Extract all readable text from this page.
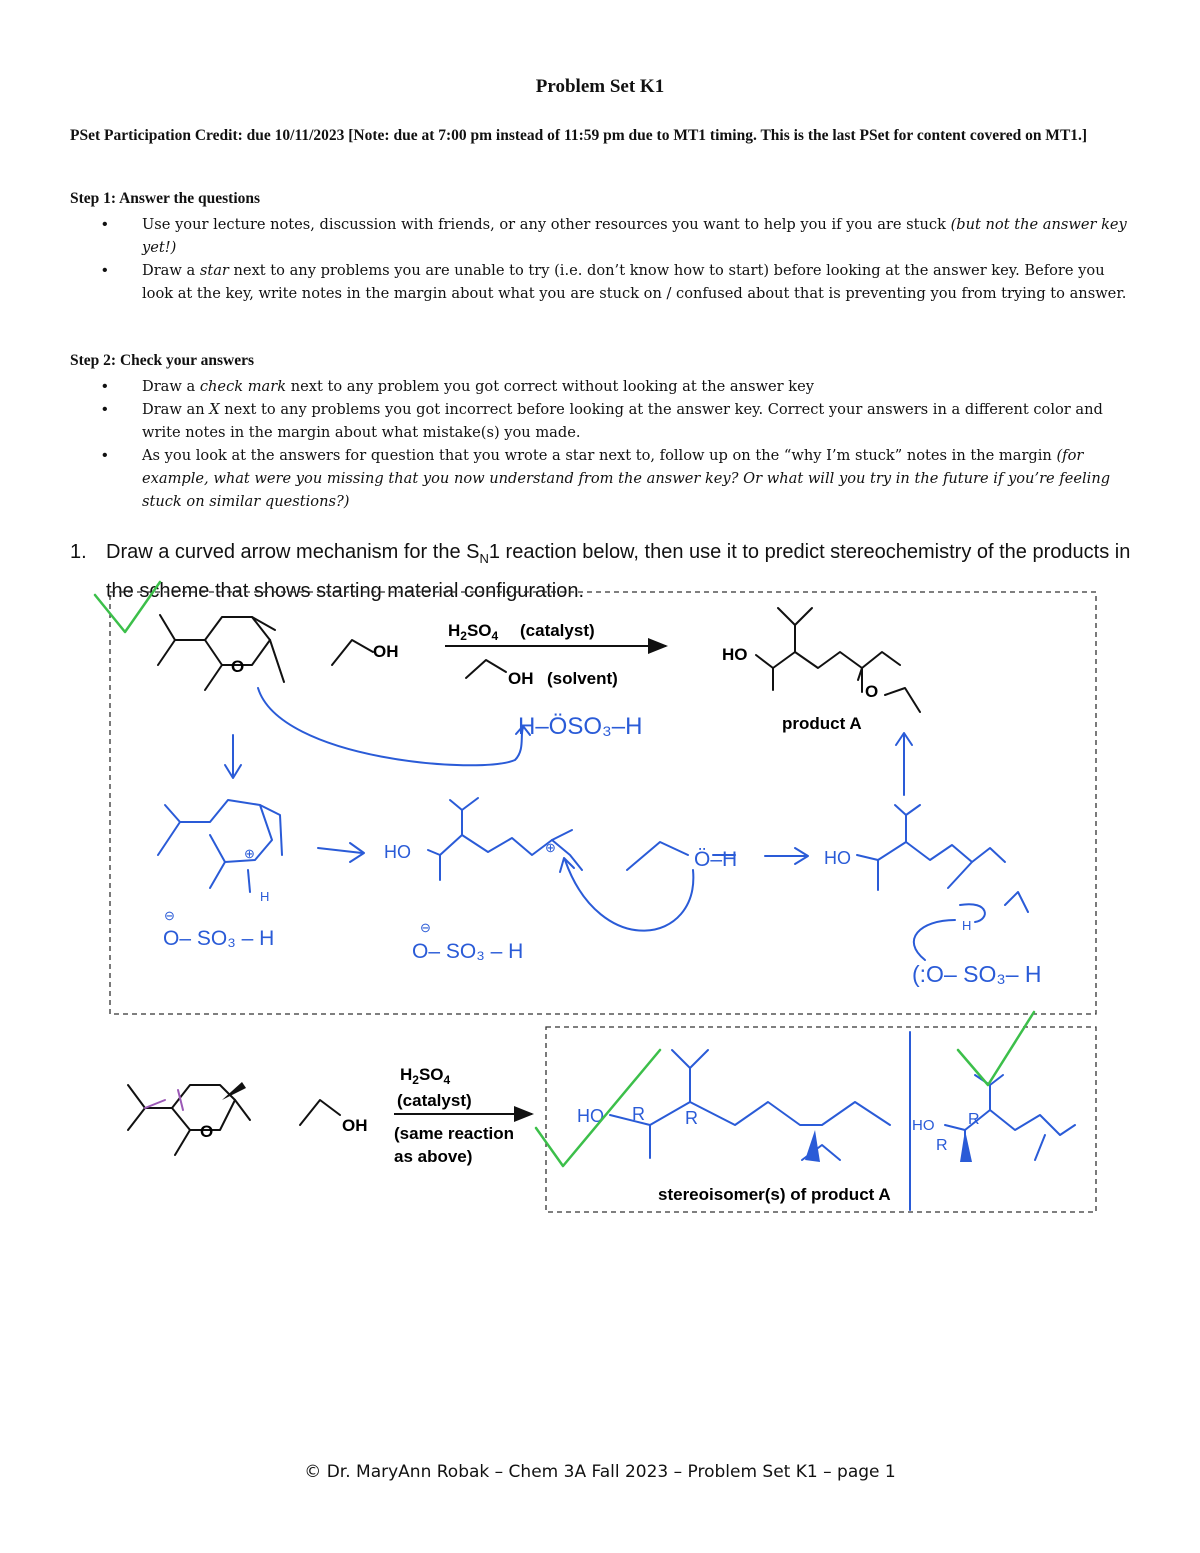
Problem Set K1
PSet Participation Credit: due 10/11/2023 [Note: due at 7:00 pm instead of 11:59 pm due to MT1 timing. This is the last PSet for content covered on MT1.]
Step 1: Answer the questions
• Use your lecture notes, discussion with friends, or any other resources you want to help you if you are stuck (but not the answer key yet!)
• Draw a star next to any problems you are unable to try (i.e. don’t know how to start) before looking at the answer key. Before you look at the key, write notes in the margin about what you are stuck on / confused about that is preventing you from trying to answer.
Step 2: Check your answers
• Draw a check mark next to any problem you got correct without looking at the answer key
• Draw an X next to any problems you got incorrect before looking at the answer key. Correct your answers in a different color and write notes in the margin about what mistake(s) you made.
• As you look at the answers for question that you wrote a star next to, follow up on the “why I’m stuck” notes in the margin (for example, what were you missing that you now understand from the answer key? Or what will you try in the future if you’re feeling stuck on similar questions?)
1. Draw a curved arrow mechanism for the $S_N1$ reaction below, then use it to predict stereochemistry of the products in the scheme that shows starting material configuration.
O
OH
$H_2SO_4$ (catalyst)
OH (solvent)
HO
O
product A
H–ÖSO₃–H
HO	HO
H
H
O– SO₃ – H
O– SO₃ – H
Ö–H
(:O– SO₃– H
⊕	⊕
⊖
⊖
O	OH
$H_2SO_4$
(catalyst)
(same reaction
as above)
HO	HO
R R
R
R
stereoisomer(s) of product A
© Dr. MaryAnn Robak – Chem 3A Fall 2023 – Problem Set K1 – page 1
